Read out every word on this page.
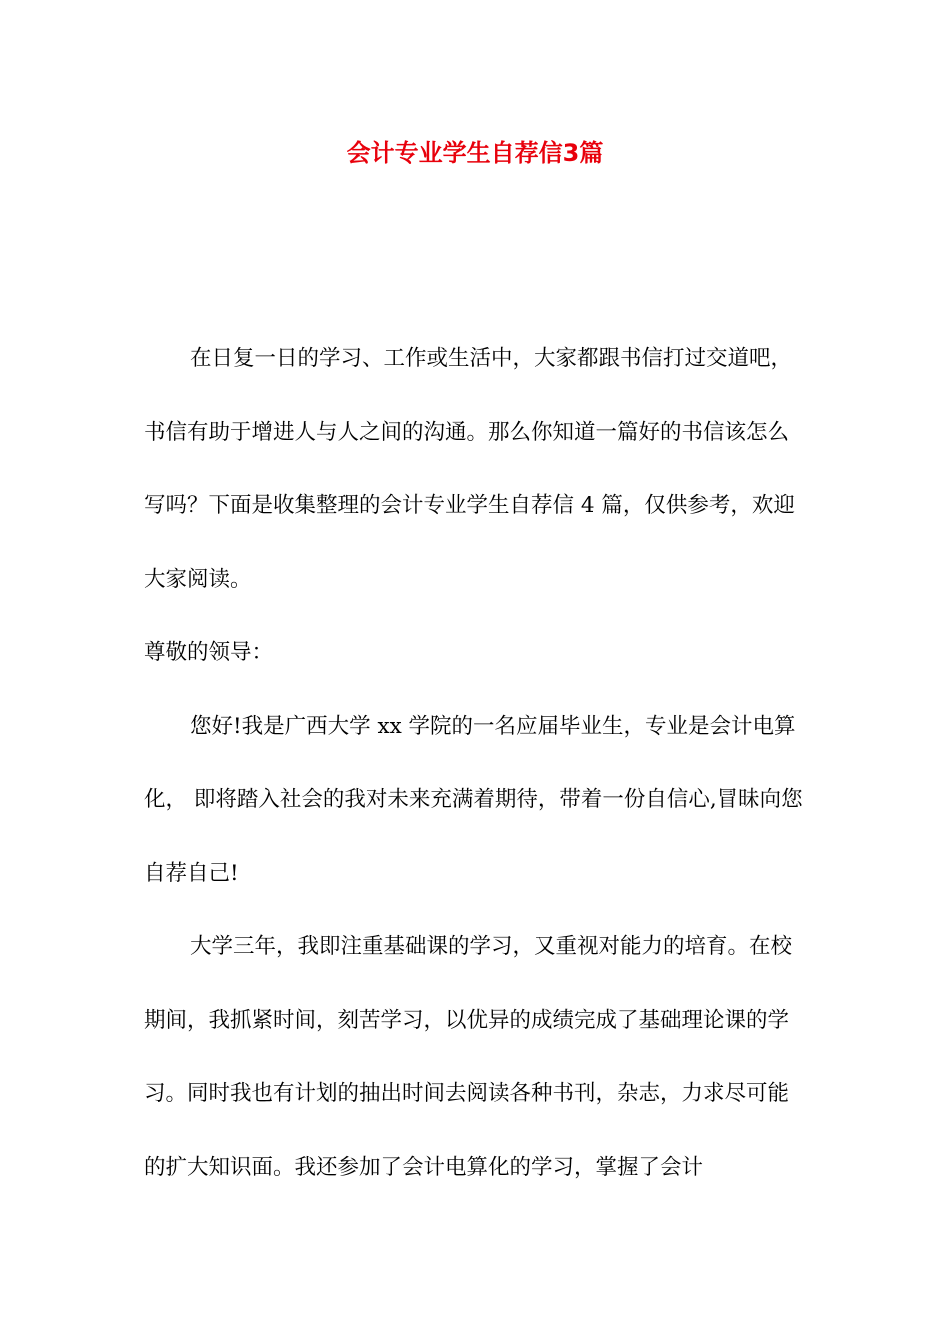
会计专业学生自荐信3篇

在日复一日的学习、工作或生活中，大家都跟书信打过交道吧，书信有助于增进人与人之间的沟通。那么你知道一篇好的书信该怎么写吗？下面是收集整理的会计专业学生自荐信 4 篇，仅供参考，欢迎大家阅读。

尊敬的领导：

您好!我是广西大学 xx 学院的一名应届毕业生，专业是会计电算化， 即将踏入社会的我对未来充满着期待，带着一份自信心,冒昧向您自荐自己!

大学三年，我即注重基础课的学习，又重视对能力的培育。在校期间，我抓紧时间，刻苦学习，以优异的成绩完成了基础理论课的学习。同时我也有计划的抽出时间去阅读各种书刊，杂志，力求尽可能的扩大知识面。我还参加了会计电算化的学习，掌握了会计
